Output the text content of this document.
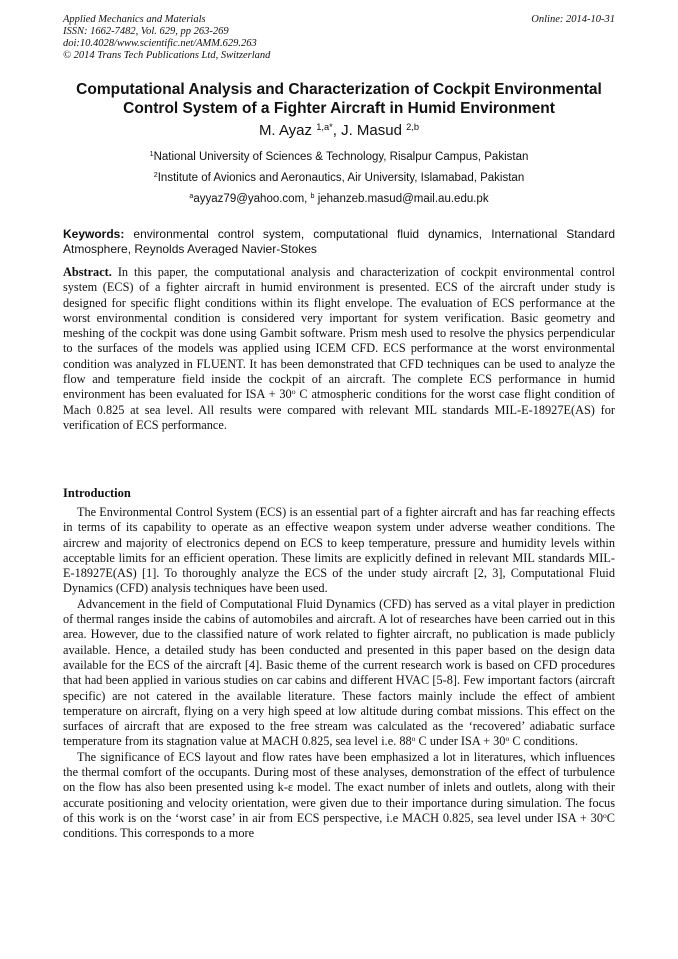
Applied Mechanics and Materials
ISSN: 1662-7482, Vol. 629, pp 263-269
doi:10.4028/www.scientific.net/AMM.629.263
© 2014 Trans Tech Publications Ltd, Switzerland
Online: 2014-10-31
Computational Analysis and Characterization of Cockpit Environmental
Control System of a Fighter Aircraft in Humid Environment
M. Ayaz $^{1,a*}$, J. Masud $^{2,b}$
$^1$National University of Sciences & Technology, Risalpur Campus, Pakistan
$^2$Institute of Avionics and Aeronautics, Air University, Islamabad, Pakistan
$^a$ayyaz79@yahoo.com, $^b$ jehanzeb.masud@mail.au.edu.pk
Keywords: environmental control system, computational fluid dynamics, International Standard Atmosphere, Reynolds Averaged Navier-Stokes
Abstract. In this paper, the computational analysis and characterization of cockpit environmental control system (ECS) of a fighter aircraft in humid environment is presented. ECS of the aircraft under study is designed for specific flight conditions within its flight envelope. The evaluation of ECS performance at the worst environmental condition is considered very important for system verification. Basic geometry and meshing of the cockpit was done using Gambit software. Prism mesh used to resolve the physics perpendicular to the surfaces of the models was applied using ICEM CFD. ECS performance at the worst environmental condition was analyzed in FLUENT. It has been demonstrated that CFD techniques can be used to analyze the flow and temperature field inside the cockpit of an aircraft. The complete ECS performance in humid environment has been evaluated for ISA + $30^o$ C atmospheric conditions for the worst case flight condition of Mach 0.825 at sea level. All results were compared with relevant MIL standards MIL-E-18927E(AS) for verification of ECS performance.
Introduction

The Environmental Control System (ECS) is an essential part of a fighter aircraft and has far reaching effects in terms of its capability to operate as an effective weapon system under adverse weather conditions. The aircrew and majority of electronics depend on ECS to keep temperature, pressure and humidity levels within acceptable limits for an efficient operation. These limits are explicitly defined in relevant MIL standards MIL-E-18927E(AS) [1]. To thoroughly analyze the ECS of the under study aircraft [2, 3], Computational Fluid Dynamics (CFD) analysis techniques have been used.

Advancement in the field of Computational Fluid Dynamics (CFD) has served as a vital player in prediction of thermal ranges inside the cabins of automobiles and aircraft. A lot of researches have been carried out in this area. However, due to the classified nature of work related to fighter aircraft, no publication is made publicly available. Hence, a detailed study has been conducted and presented in this paper based on the design data available for the ECS of the aircraft [4]. Basic theme of the current research work is based on CFD procedures that had been applied in various studies on car cabins and different HVAC [5-8]. Few important factors (aircraft specific) are not catered in the available literature. These factors mainly include the effect of ambient temperature on aircraft, flying on a very high speed at low altitude during combat missions. This effect on the surfaces of aircraft that are exposed to the free stream was calculated as the ‘recovered’ adiabatic surface temperature from its stagnation value at MACH 0.825, sea level i.e. 88$^o$ C under ISA + $30^o$ C conditions.

The significance of ECS layout and flow rates have been emphasized a lot in literatures, which influences the thermal comfort of the occupants. During most of these analyses, demonstration of the effect of turbulence on the flow has also been presented using k-ε model. The exact number of inlets and outlets, along with their accurate positioning and velocity orientation, were given due to their importance during simulation. The focus of this work is on the ‘worst case’ in air from ECS perspective, i.e MACH 0.825, sea level under ISA + $30^oC$ conditions. This corresponds to a more
